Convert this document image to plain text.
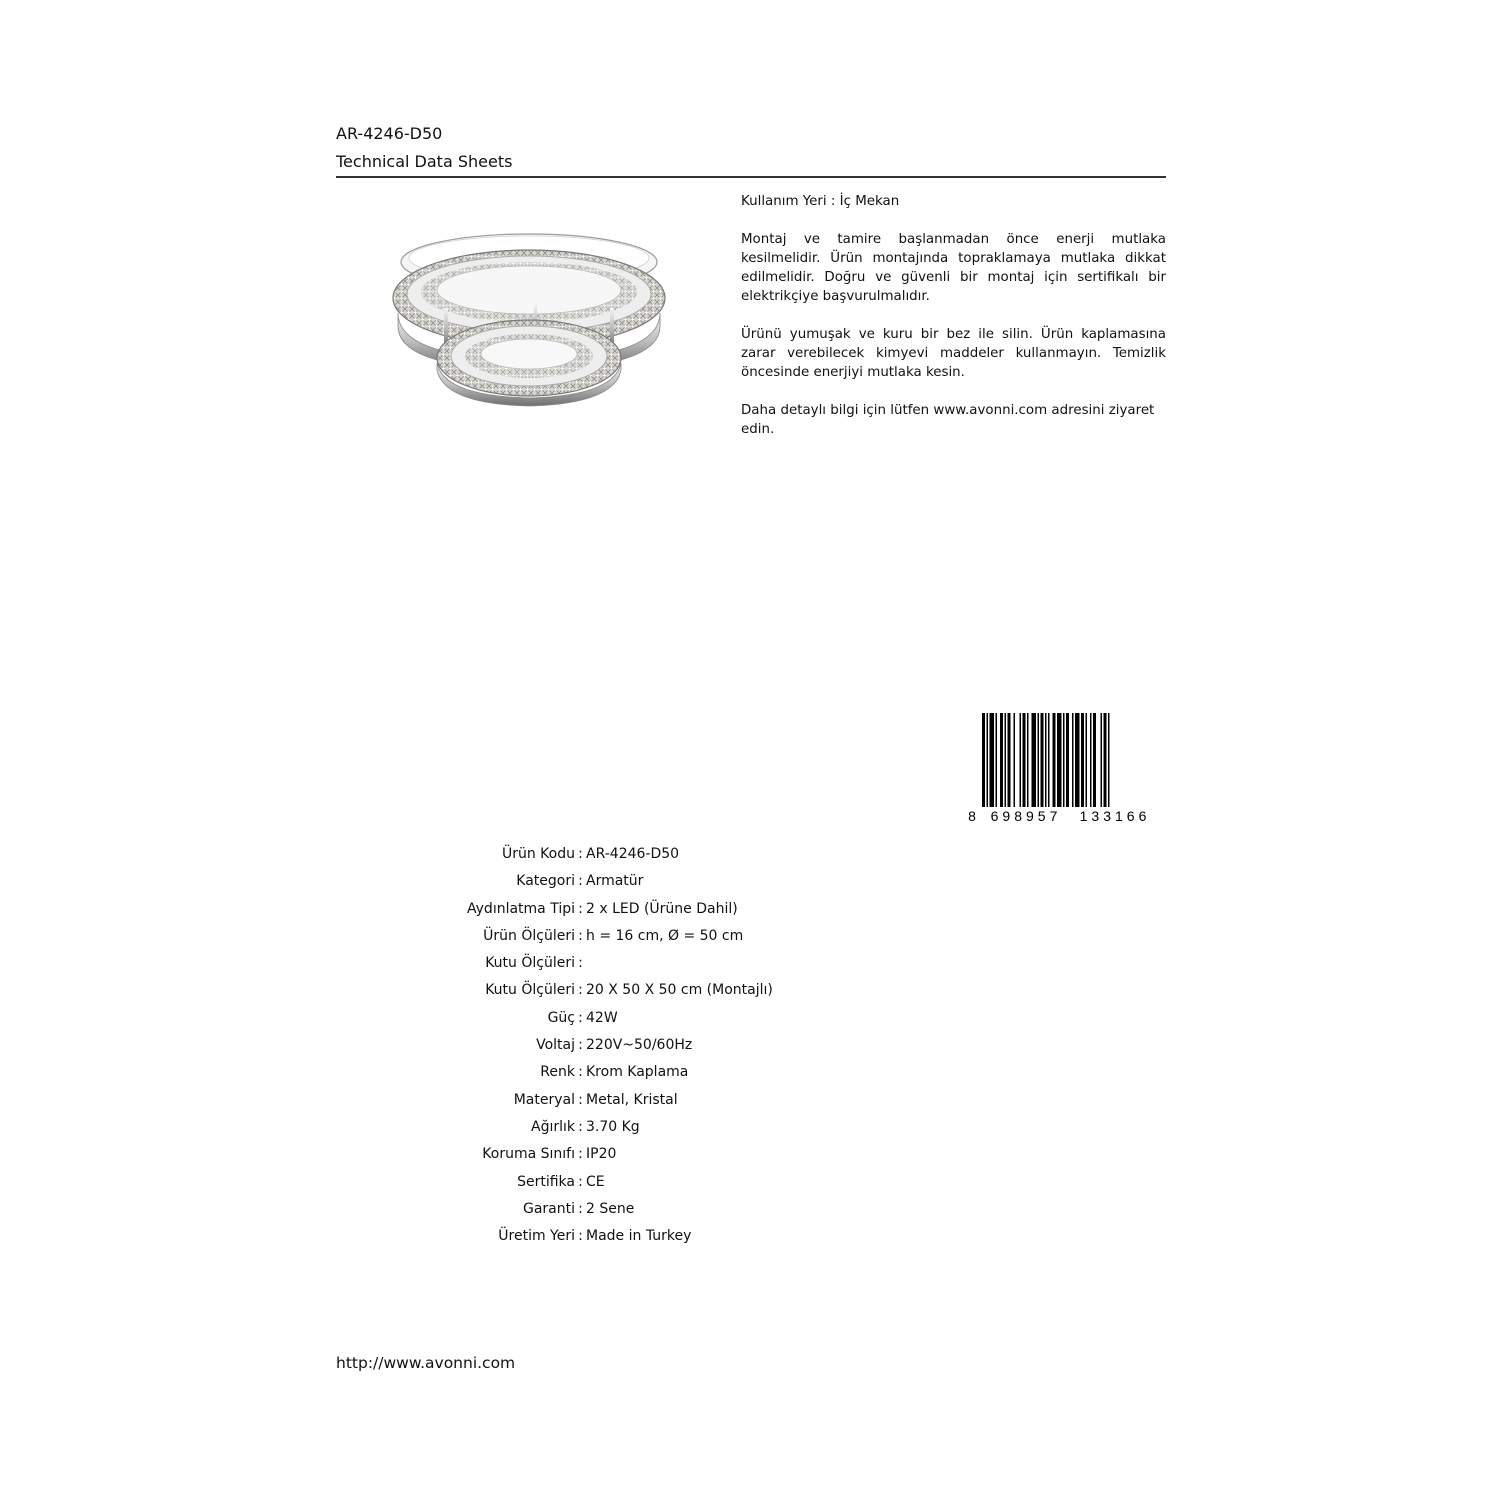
AR-4246-D50
Technical Data Sheets

Kullanım Yeri : İç Mekan

Montaj ve tamire başlanmadan önce enerji mutlaka kesilmelidir. Ürün montajında topraklamaya mutlaka dikkat edilmelidir. Doğru ve güvenli bir montaj için sertifikalı bir elektrikçiye başvurulmalıdır.

Ürünü yumuşak ve kuru bir bez ile silin. Ürün kaplamasına zarar verebilecek kimyevi maddeler kullanmayın. Temizlik öncesinde enerjiyi mutlaka kesin.

Daha detaylı bilgi için lütfen www.avonni.com adresini ziyaret edin.

8 698957 133166
Ürün Kodu : AR-4246-D50
Kategori : Armatür
Aydınlatma Tipi : 2 x LED (Ürüne Dahil)
Ürün Ölçüleri : h = 16 cm, Ø = 50 cm
Kutu Ölçüleri :
Kutu Ölçüleri : 20 X 50 X 50 cm (Montajlı)
Güç : 42W
Voltaj : 220V~50/60Hz
Renk : Krom Kaplama
Materyal : Metal, Kristal
Ağırlık : 3.70 Kg
Koruma Sınıfı : IP20
Sertifika : CE
Garanti : 2 Sene
Üretim Yeri : Made in Turkey
http://www.avonni.com
